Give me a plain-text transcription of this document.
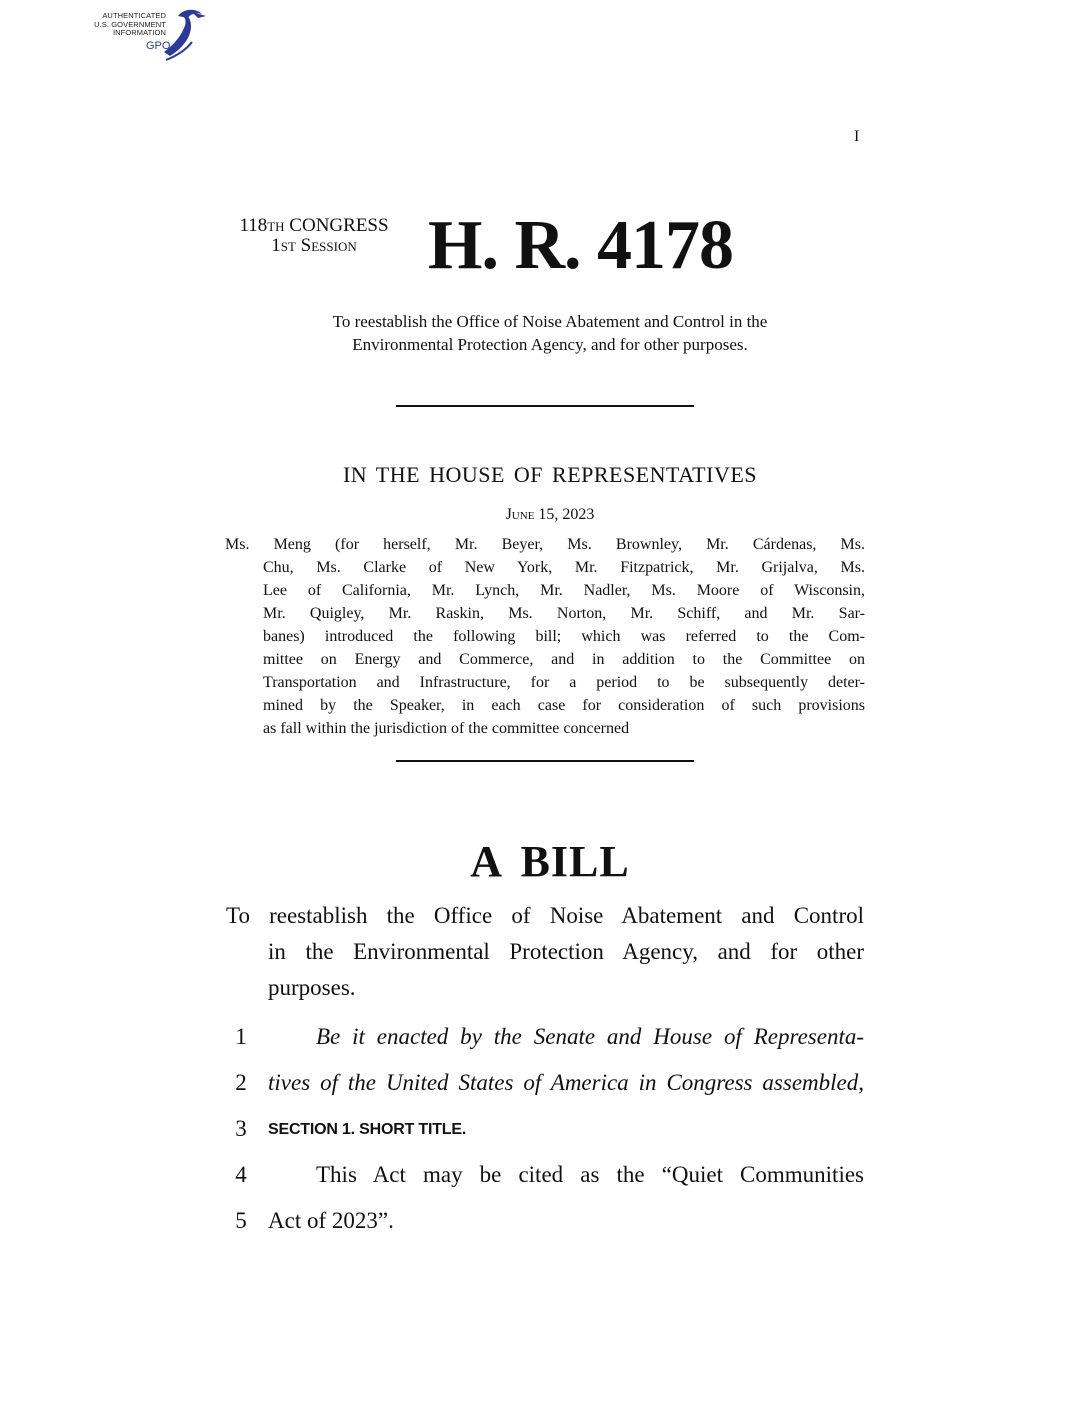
AUTHENTICATED
U.S. GOVERNMENT
INFORMATION
GPO
I
118th CONGRESS
1st Session	H. R. 4178
To reestablish the Office of Noise Abatement and Control in the
Environmental Protection Agency, and for other purposes.
IN THE HOUSE OF REPRESENTATIVES
June 15, 2023
Ms. Meng (for herself, Mr. Beyer, Ms. Brownley, Mr. Cárdenas, Ms.
Chu, Ms. Clarke of New York, Mr. Fitzpatrick, Mr. Grijalva, Ms.
Lee of California, Mr. Lynch, Mr. Nadler, Ms. Moore of Wisconsin,
Mr. Quigley, Mr. Raskin, Ms. Norton, Mr. Schiff, and Mr. Sar-
banes) introduced the following bill; which was referred to the Com-
mittee on Energy and Commerce, and in addition to the Committee on
Transportation and Infrastructure, for a period to be subsequently deter-
mined by the Speaker, in each case for consideration of such provisions
as fall within the jurisdiction of the committee concerned
A BILL
To reestablish the Office of Noise Abatement and Control
in the Environmental Protection Agency, and for other
purposes.
1	Be it enacted by the Senate and House of Representa-
2 tives of the United States of America in Congress assembled,
3	SECTION 1. SHORT TITLE.
4	This Act may be cited as the “Quiet Communities
5 Act of 2023”.
